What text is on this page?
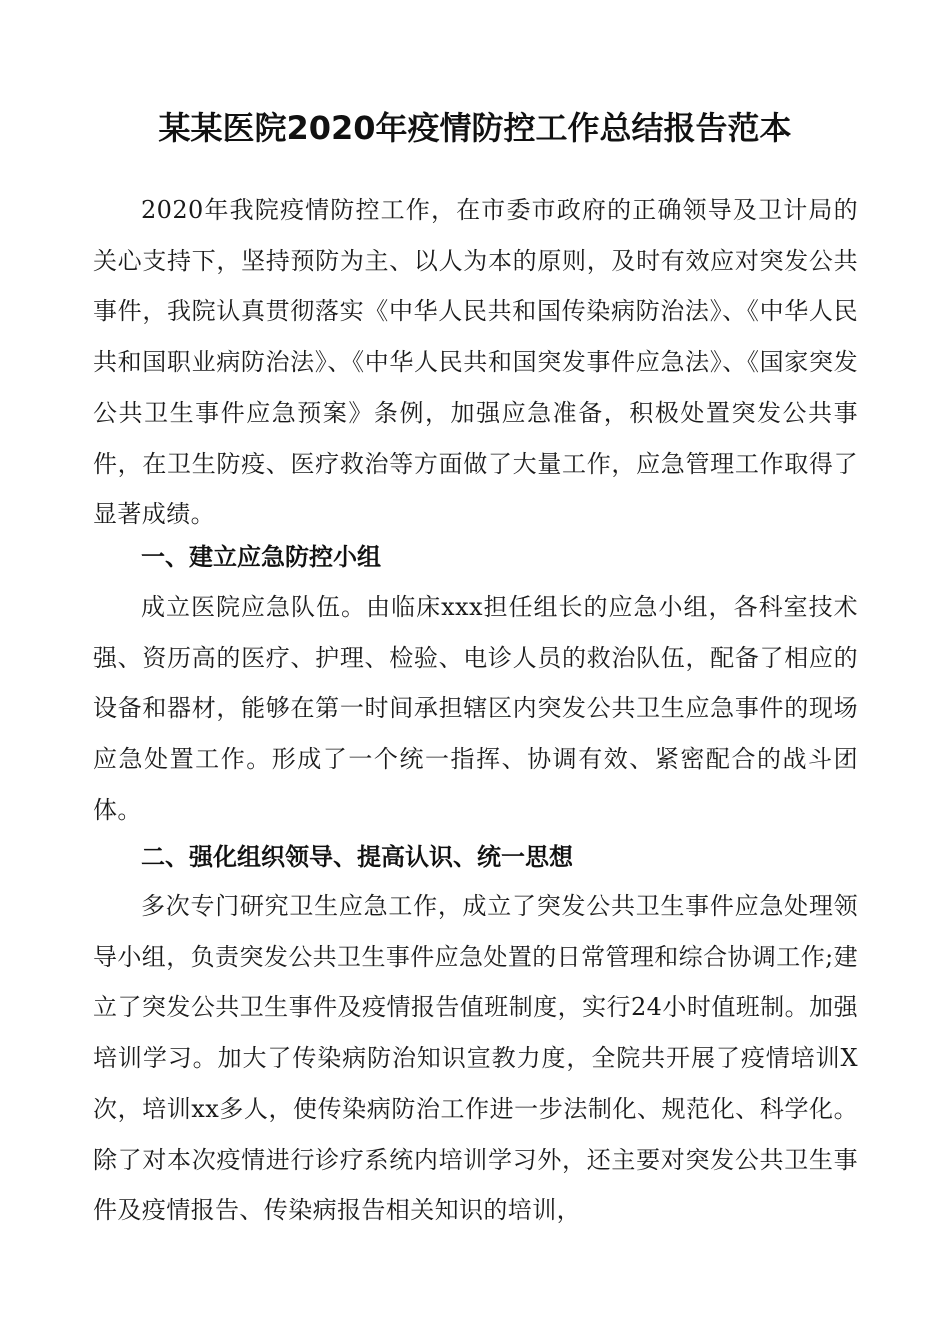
某某医院2020年疫情防控工作总结报告范本

2020年我院疫情防控工作，在市委市政府的正确领导及卫计局的关心支持下，坚持预防为主、以人为本的原则，及时有效应对突发公共事件，我院认真贯彻落实《中华人民共和国传染病防治法》、《中华人民共和国职业病防治法》、《中华人民共和国突发事件应急法》、《国家突发公共卫生事件应急预案》条例，加强应急准备，积极处置突发公共事件，在卫生防疫、医疗救治等方面做了大量工作，应急管理工作取得了显著成绩。

一、建立应急防控小组

成立医院应急队伍。由临床xxx担任组长的应急小组，各科室技术强、资历高的医疗、护理、检验、电诊人员的救治队伍，配备了相应的设备和器材，能够在第一时间承担辖区内突发公共卫生应急事件的现场应急处置工作。形成了一个统一指挥、协调有效、紧密配合的战斗团体。

二、强化组织领导、提高认识、统一思想

多次专门研究卫生应急工作，成立了突发公共卫生事件应急处理领导小组，负责突发公共卫生事件应急处置的日常管理和综合协调工作;建立了突发公共卫生事件及疫情报告值班制度，实行24小时值班制。加强培训学习。加大了传染病防治知识宣教力度，全院共开展了疫情培训X次，培训xx多人，使传染病防治工作进一步法制化、规范化、科学化。除了对本次疫情进行诊疗系统内培训学习外，还主要对突发公共卫生事件及疫情报告、传染病报告相关知识的培训，
